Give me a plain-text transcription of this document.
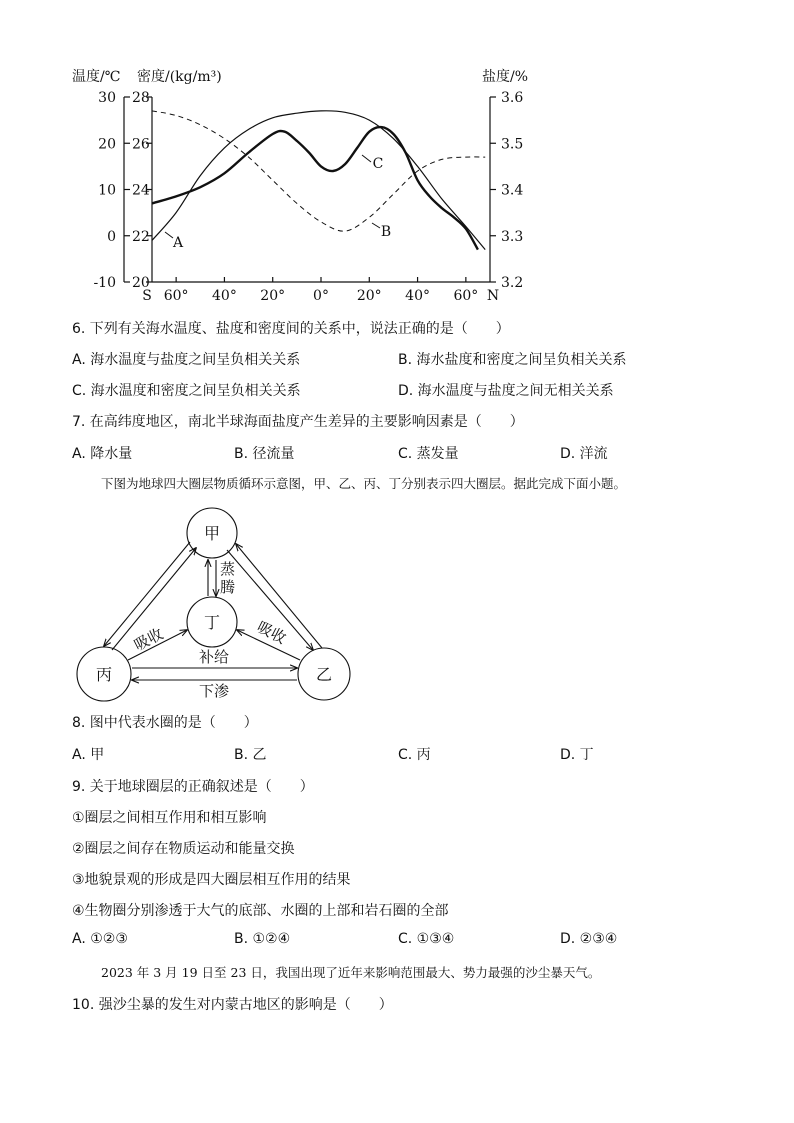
温度/℃ 密度/(kg/m³)	盐度/%
30 28	3.6
20 26	3.5
10 24	3.4
0 22	3.3
-10 20	3.2
S 60° 40° 20° 0° 20° 40° 60° N
A
B
C
6. 下列有关海水温度、盐度和密度间的关系中，说法正确的是（　　）
A. 海水温度与盐度之间呈负相关关系	B. 海水盐度和密度之间呈负相关关系
C. 海水温度和密度之间呈负相关关系	D. 海水温度与盐度之间无相关关系
7. 在高纬度地区，南北半球海面盐度产生差异的主要影响因素是（　　）
A. 降水量	B. 径流量	C. 蒸发量	D. 洋流
下图为地球四大圈层物质循环示意图，甲、乙、丙、丁分别表示四大圈层。据此完成下面小题。
甲
丁
丙	乙
蒸
腾
吸收	吸收
补给
下渗
8. 图中代表水圈的是（　　）
A. 甲	B. 乙	C. 丙	D. 丁
9. 关于地球圈层的正确叙述是（　　）
①圈层之间相互作用和相互影响
②圈层之间存在物质运动和能量交换
③地貌景观的形成是四大圈层相互作用的结果
④生物圈分别渗透于大气的底部、水圈的上部和岩石圈的全部
A. ①②③	B. ①②④	C. ①③④	D. ②③④
2023 年 3 月 19 日至 23 日，我国出现了近年来影响范围最大、势力最强的沙尘暴天气。
10. 强沙尘暴的发生对内蒙古地区的影响是（　　）
